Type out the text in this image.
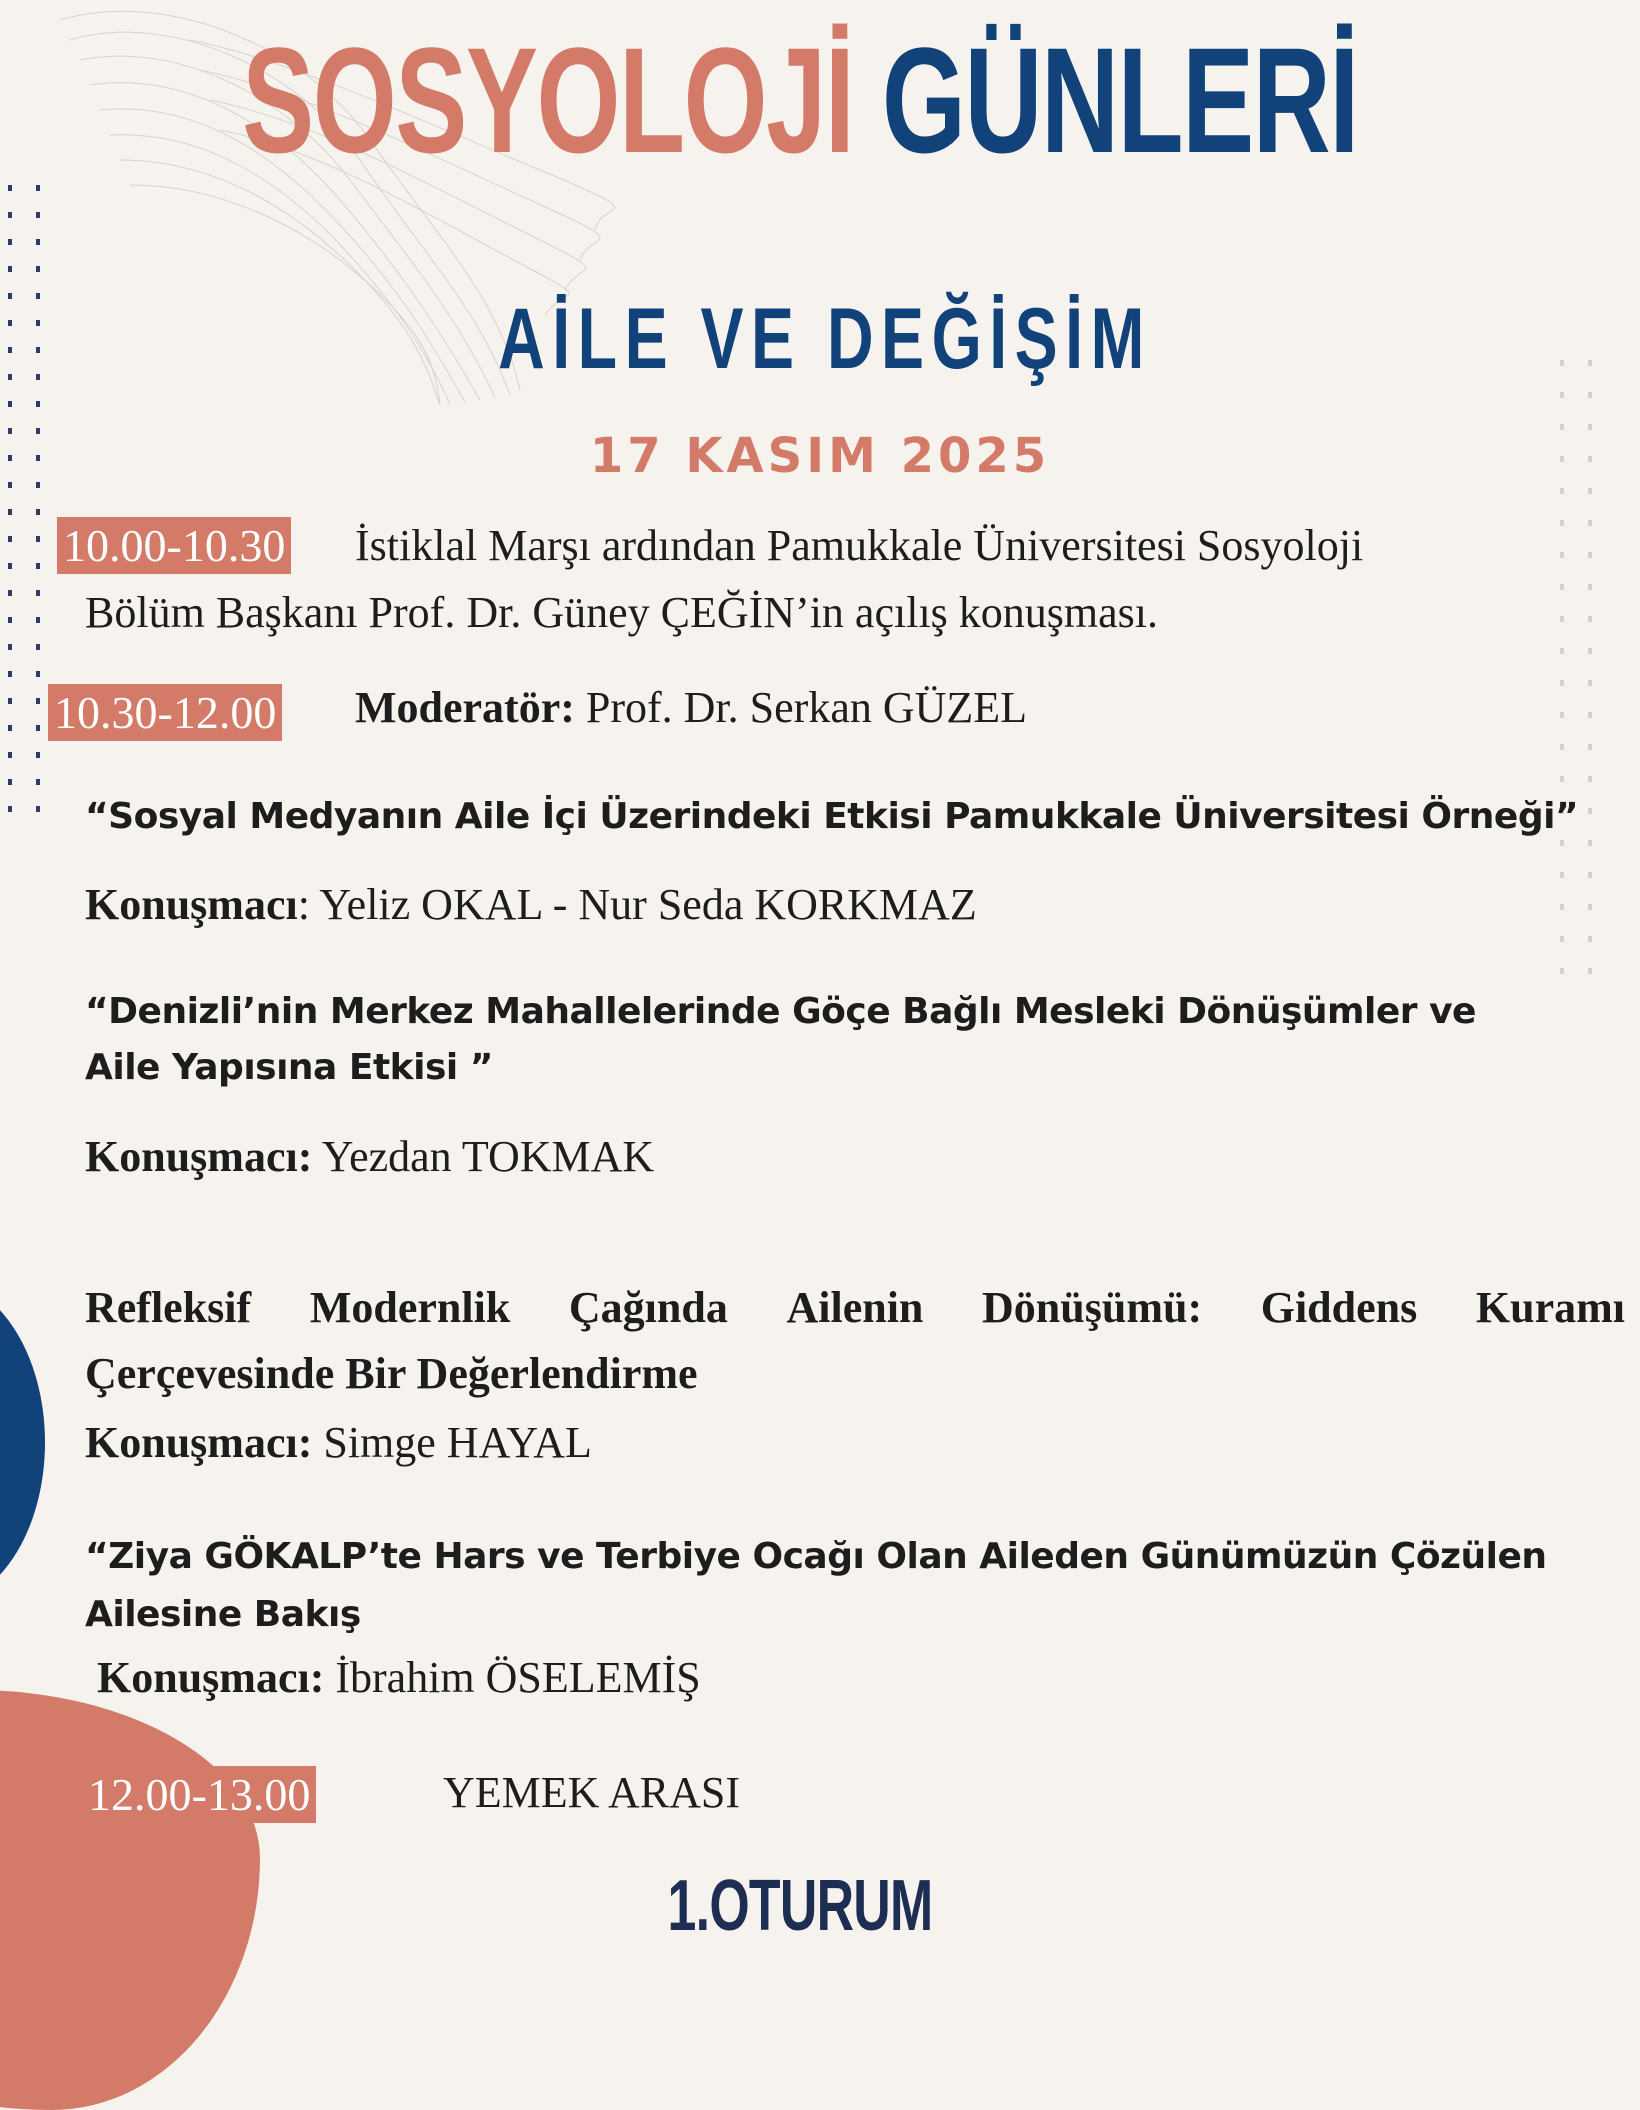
SOSYOLOJİ GÜNLERİ
AİLE VE DEĞİŞİM
17 KASIM 2025
10.00-10.30 İstiklal Marşı ardından Pamukkale Üniversitesi Sosyoloji
Bölüm Başkanı Prof. Dr. Güney ÇEĞİN’in açılış konuşması.
10.30-12.00 Moderatör: Prof. Dr. Serkan GÜZEL
“Sosyal Medyanın Aile İçi Üzerindeki Etkisi Pamukkale Üniversitesi Örneği”
Konuşmacı: Yeliz OKAL - Nur Seda KORKMAZ
“Denizli’nin Merkez Mahallelerinde Göçe Bağlı Mesleki Dönüşümler ve
Aile Yapısına Etkisi ”
Konuşmacı: Yezdan TOKMAK
Refleksif Modernlik Çağında Ailenin Dönüşümü: Giddens Kuramı
Çerçevesinde Bir Değerlendirme
Konuşmacı: Simge HAYAL
“Ziya GÖKALP’te Hars ve Terbiye Ocağı Olan Aileden Günümüzün Çözülen
Ailesine Bakış
Konuşmacı: İbrahim ÖSELEMİŞ
12.00-13.00	YEMEK ARASI
1.OTURUM
